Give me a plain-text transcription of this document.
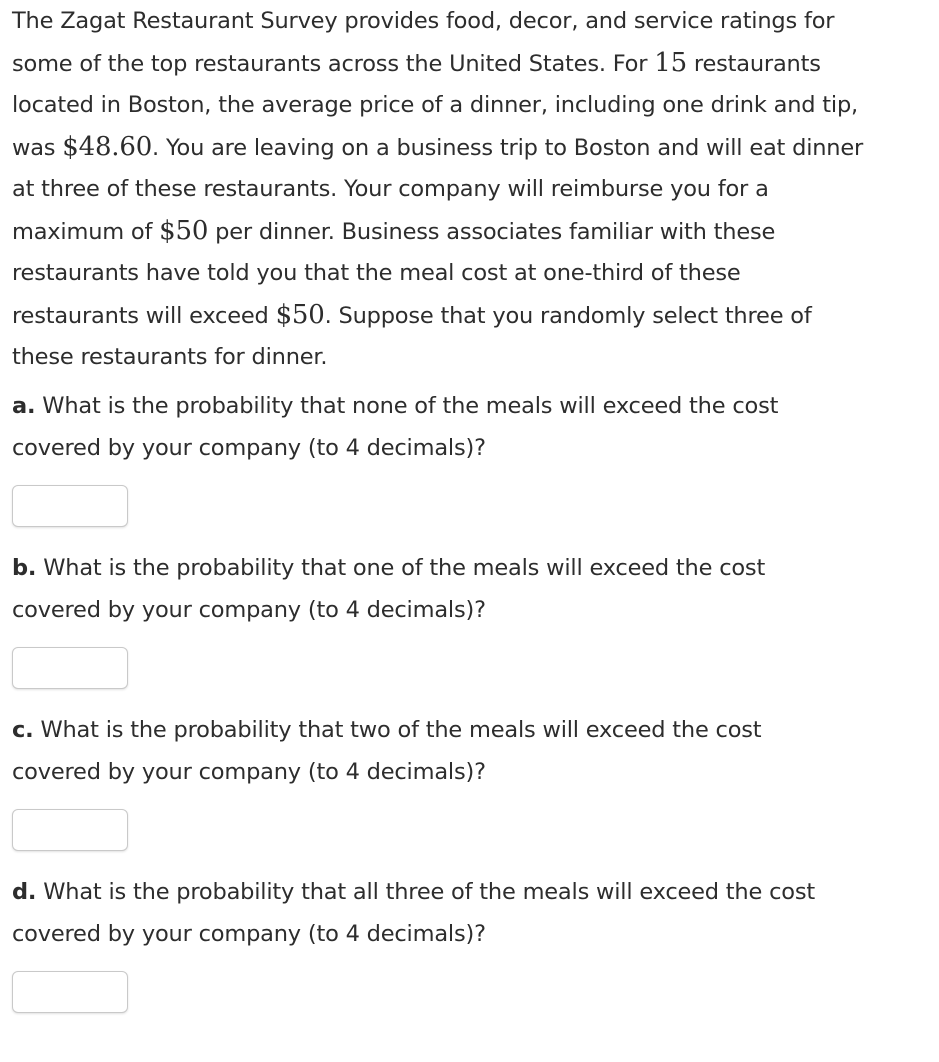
The Zagat Restaurant Survey provides food, decor, and service ratings for
some of the top restaurants across the United States. For 15 restaurants
located in Boston, the average price of a dinner, including one drink and tip,
was $48.60. You are leaving on a business trip to Boston and will eat dinner
at three of these restaurants. Your company will reimburse you for a
maximum of $50 per dinner. Business associates familiar with these
restaurants have told you that the meal cost at one-third of these
restaurants will exceed $50. Suppose that you randomly select three of
these restaurants for dinner.
a. What is the probability that none of the meals will exceed the cost
covered by your company (to 4 decimals)?
b. What is the probability that one of the meals will exceed the cost
covered by your company (to 4 decimals)?
c. What is the probability that two of the meals will exceed the cost
covered by your company (to 4 decimals)?
d. What is the probability that all three of the meals will exceed the cost
covered by your company (to 4 decimals)?
